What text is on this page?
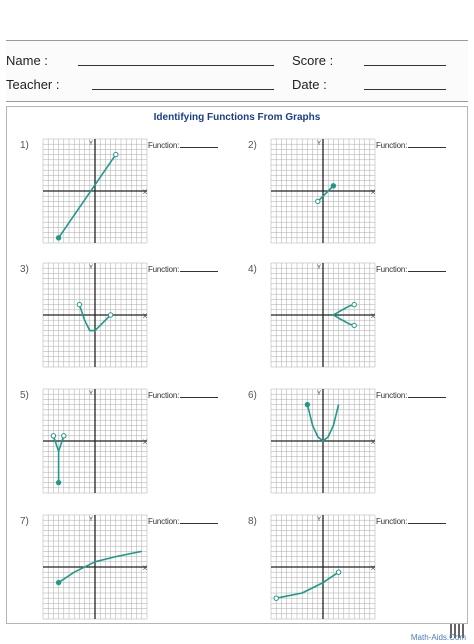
Name :	Score :
Teacher :	Date :
Identifying Functions From Graphs
1)	Function:
X
Y	2)	Function:
X
Y
3)	Function:
X
Y	4)	Function:
X
Y
5)	Function:
X
Y	6)	Function:
X
Y
7)	Function:
X
Y	8)	Function:
X
Y
Math-Aids.Com
